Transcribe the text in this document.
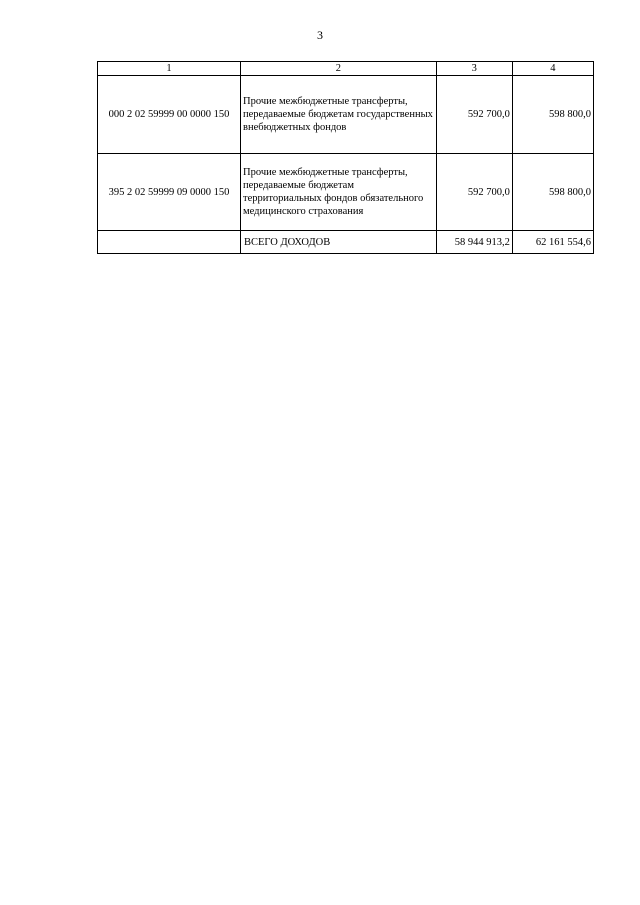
3
1	2	3	4
000 2 02 59999 00 0000 150	Прочие межбюджетные трансферты, передаваемые бюджетам государственных внебюджетных фондов	592 700,0	598 800,0
395 2 02 59999 09 0000 150	Прочие межбюджетные трансферты, передаваемые бюджетам территориальных фондов обязательного медицинского страхования	592 700,0	598 800,0
	ВСЕГО ДОХОДОВ	58 944 913,2	62 161 554,6
